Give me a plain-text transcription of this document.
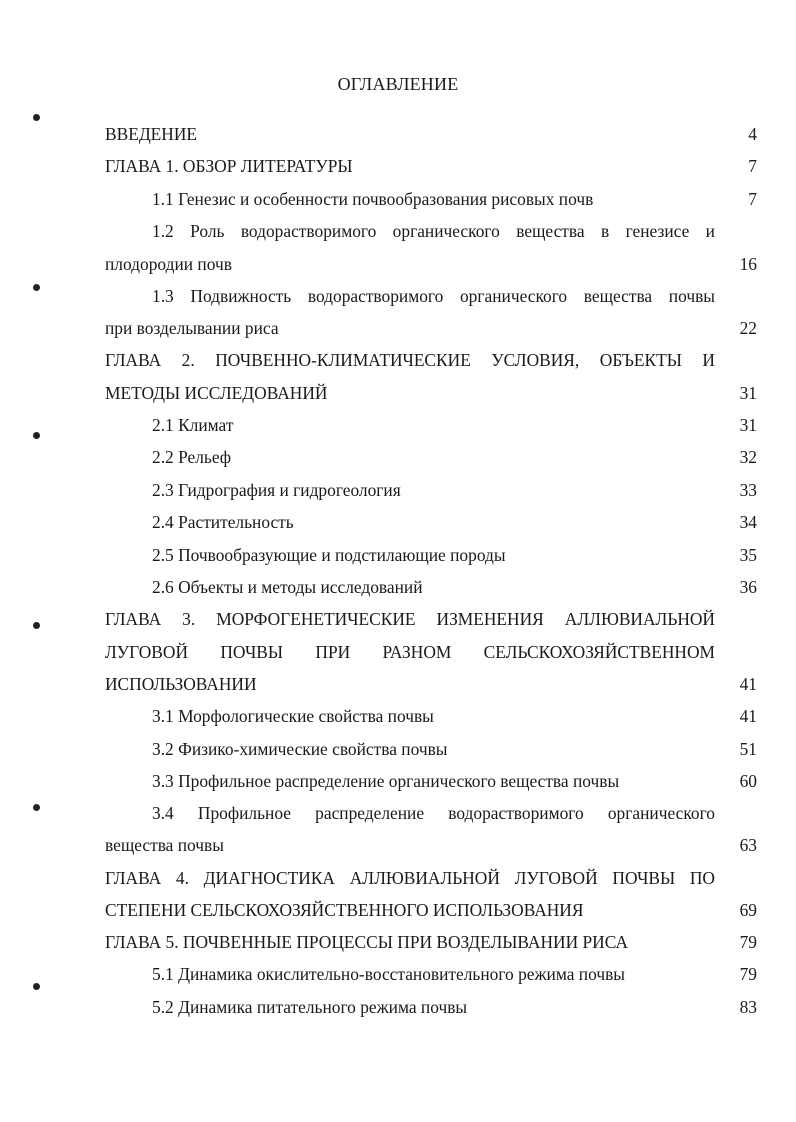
ОГЛАВЛЕНИЕ
ВВЕДЕНИЕ	4
ГЛАВА 1. ОБЗОР ЛИТЕРАТУРЫ	7
1.1 Генезис и особенности почвообразования рисовых почв	7
1.2 Роль водорастворимого органического вещества в генезисе и
плодородии почв	16
1.3 Подвижность водорастворимого органического вещества почвы
при возделывании риса	22
ГЛАВА 2. ПОЧВЕННО-КЛИМАТИЧЕСКИЕ УСЛОВИЯ, ОБЪЕКТЫ И
МЕТОДЫ ИССЛЕДОВАНИЙ	31
2.1 Климат	31
2.2 Рельеф	32
2.3 Гидрография и гидрогеология	33
2.4 Растительность	34
2.5 Почвообразующие и подстилающие породы	35
2.6 Объекты и методы исследований	36
ГЛАВА 3. МОРФОГЕНЕТИЧЕСКИЕ ИЗМЕНЕНИЯ АЛЛЮВИАЛЬНОЙ
ЛУГОВОЙ ПОЧВЫ ПРИ РАЗНОМ СЕЛЬСКОХОЗЯЙСТВЕННОМ
ИСПОЛЬЗОВАНИИ	41
3.1 Морфологические свойства почвы	41
3.2 Физико-химические свойства почвы	51
3.3 Профильное распределение органического вещества почвы	60
3.4 Профильное распределение водорастворимого органического
вещества почвы	63
ГЛАВА 4. ДИАГНОСТИКА АЛЛЮВИАЛЬНОЙ ЛУГОВОЙ ПОЧВЫ ПО
СТЕПЕНИ СЕЛЬСКОХОЗЯЙСТВЕННОГО ИСПОЛЬЗОВАНИЯ	69
ГЛАВА 5. ПОЧВЕННЫЕ ПРОЦЕССЫ ПРИ ВОЗДЕЛЫВАНИИ РИСА	79
5.1 Динамика окислительно-восстановительного режима почвы	79
5.2 Динамика питательного режима почвы	83
